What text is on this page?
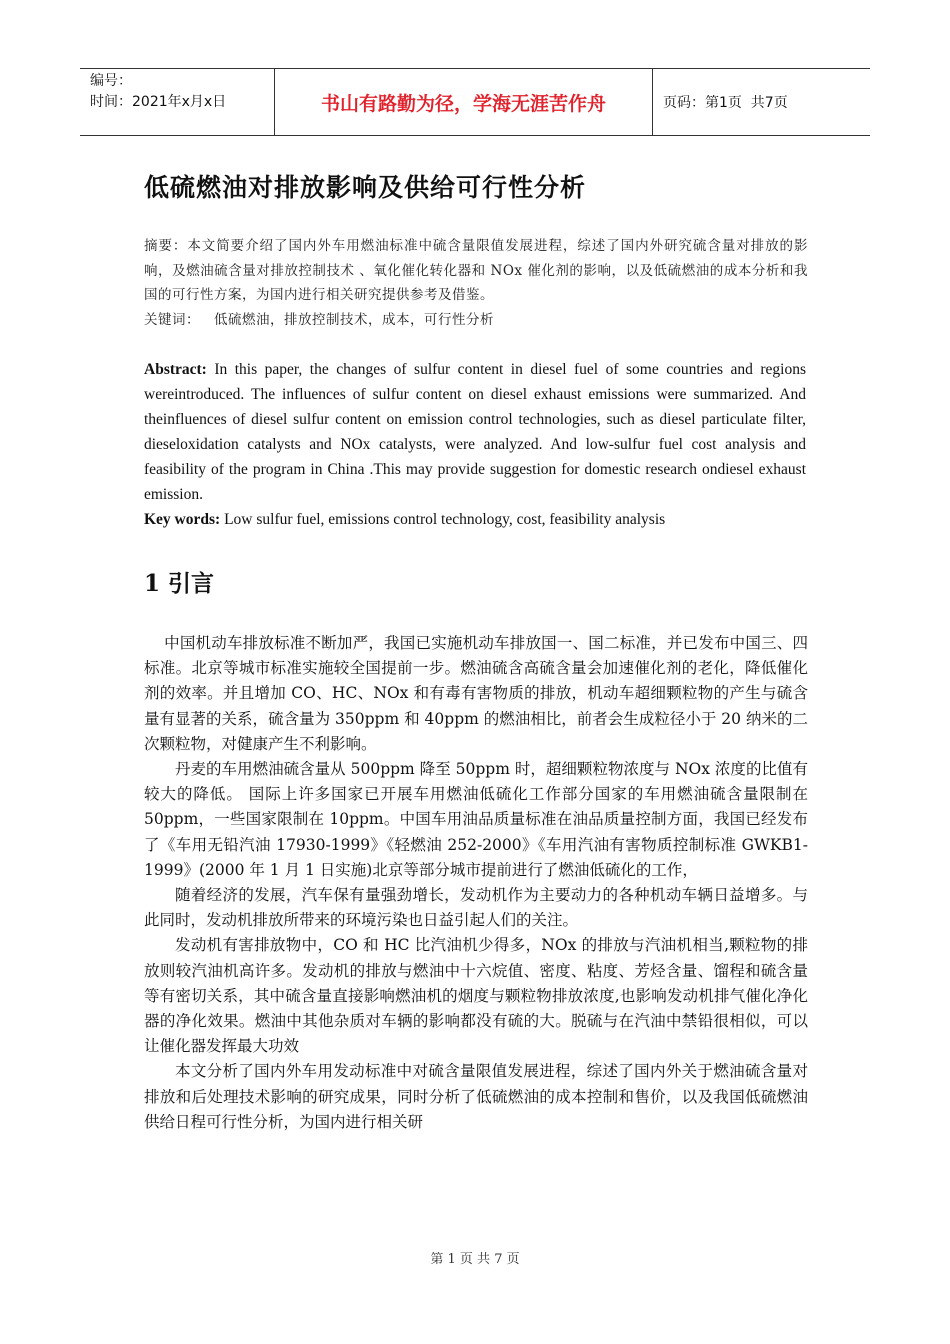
编号：
时间：2021年x月x日	书山有路勤为径，学海无涯苦作舟	页码：第1页  共7页
低硫燃油对排放影响及供给可行性分析

摘要：本文简要介绍了国内外车用燃油标准中硫含量限值发展进程，综述了国内外研究硫含量对排放的影响，及燃油硫含量对排放控制技术 、氧化催化转化器和 NOx 催化剂的影响，以及低硫燃油的成本分析和我国的可行性方案，为国内进行相关研究提供参考及借鉴。

关键词： 低硫燃油，排放控制技术，成本，可行性分析

Abstract: In this paper, the changes of sulfur content in diesel fuel of some countries and regions wereintroduced. The influences of sulfur content on diesel exhaust emissions were summarized. And theinfluences of diesel sulfur content on emission control technologies, such as diesel particulate filter, dieseloxidation catalysts and NOx catalysts, were analyzed. And low-sulfur fuel cost analysis and feasibility of the program in China .This may provide suggestion for domestic research ondiesel exhaust emission.

Key words: Low sulfur fuel, emissions control technology, cost, feasibility analysis

1 引言

中国机动车排放标准不断加严，我国已实施机动车排放国一、国二标准，并已发布中国三、四标准。北京等城市标准实施较全国提前一步。燃油硫含高硫含量会加速催化剂的老化，降低催化剂的效率。并且增加 CO、HC、NOx 和有毒有害物质的排放，机动车超细颗粒物的产生与硫含量有显著的关系，硫含量为 350ppm 和 40ppm 的燃油相比，前者会生成粒径小于 20 纳米的二次颗粒物，对健康产生不利影响。

丹麦的车用燃油硫含量从 500ppm 降至 50ppm 时，超细颗粒物浓度与 NOx 浓度的比值有较大的降低。 国际上许多国家已开展车用燃油低硫化工作部分国家的车用燃油硫含量限制在 50ppm，一些国家限制在 10ppm。中国车用油品质量标准在油品质量控制方面，我国已经发布了《车用无铅汽油 17930-1999》《轻燃油 252-2000》《车用汽油有害物质控制标准 GWKB1-1999》(2000 年 1 月 1 日实施)北京等部分城市提前进行了燃油低硫化的工作，

随着经济的发展，汽车保有量强劲增长，发动机作为主要动力的各种机动车辆日益增多。与此同时，发动机排放所带来的环境污染也日益引起人们的关注。

发动机有害排放物中，CO 和 HC 比汽油机少得多，NOx 的排放与汽油机相当,颗粒物的排放则较汽油机高许多。发动机的排放与燃油中十六烷值、密度、粘度、芳烃含量、馏程和硫含量等有密切关系，其中硫含量直接影响燃油机的烟度与颗粒物排放浓度,也影响发动机排气催化净化器的净化效果。燃油中其他杂质对车辆的影响都没有硫的大。脱硫与在汽油中禁铅很相似，可以让催化器发挥最大功效

本文分析了国内外车用发动标准中对硫含量限值发展进程，综述了国内外关于燃油硫含量对排放和后处理技术影响的研究成果，同时分析了低硫燃油的成本控制和售价，以及我国低硫燃油供给日程可行性分析，为国内进行相关研

第 1 页 共 7 页
